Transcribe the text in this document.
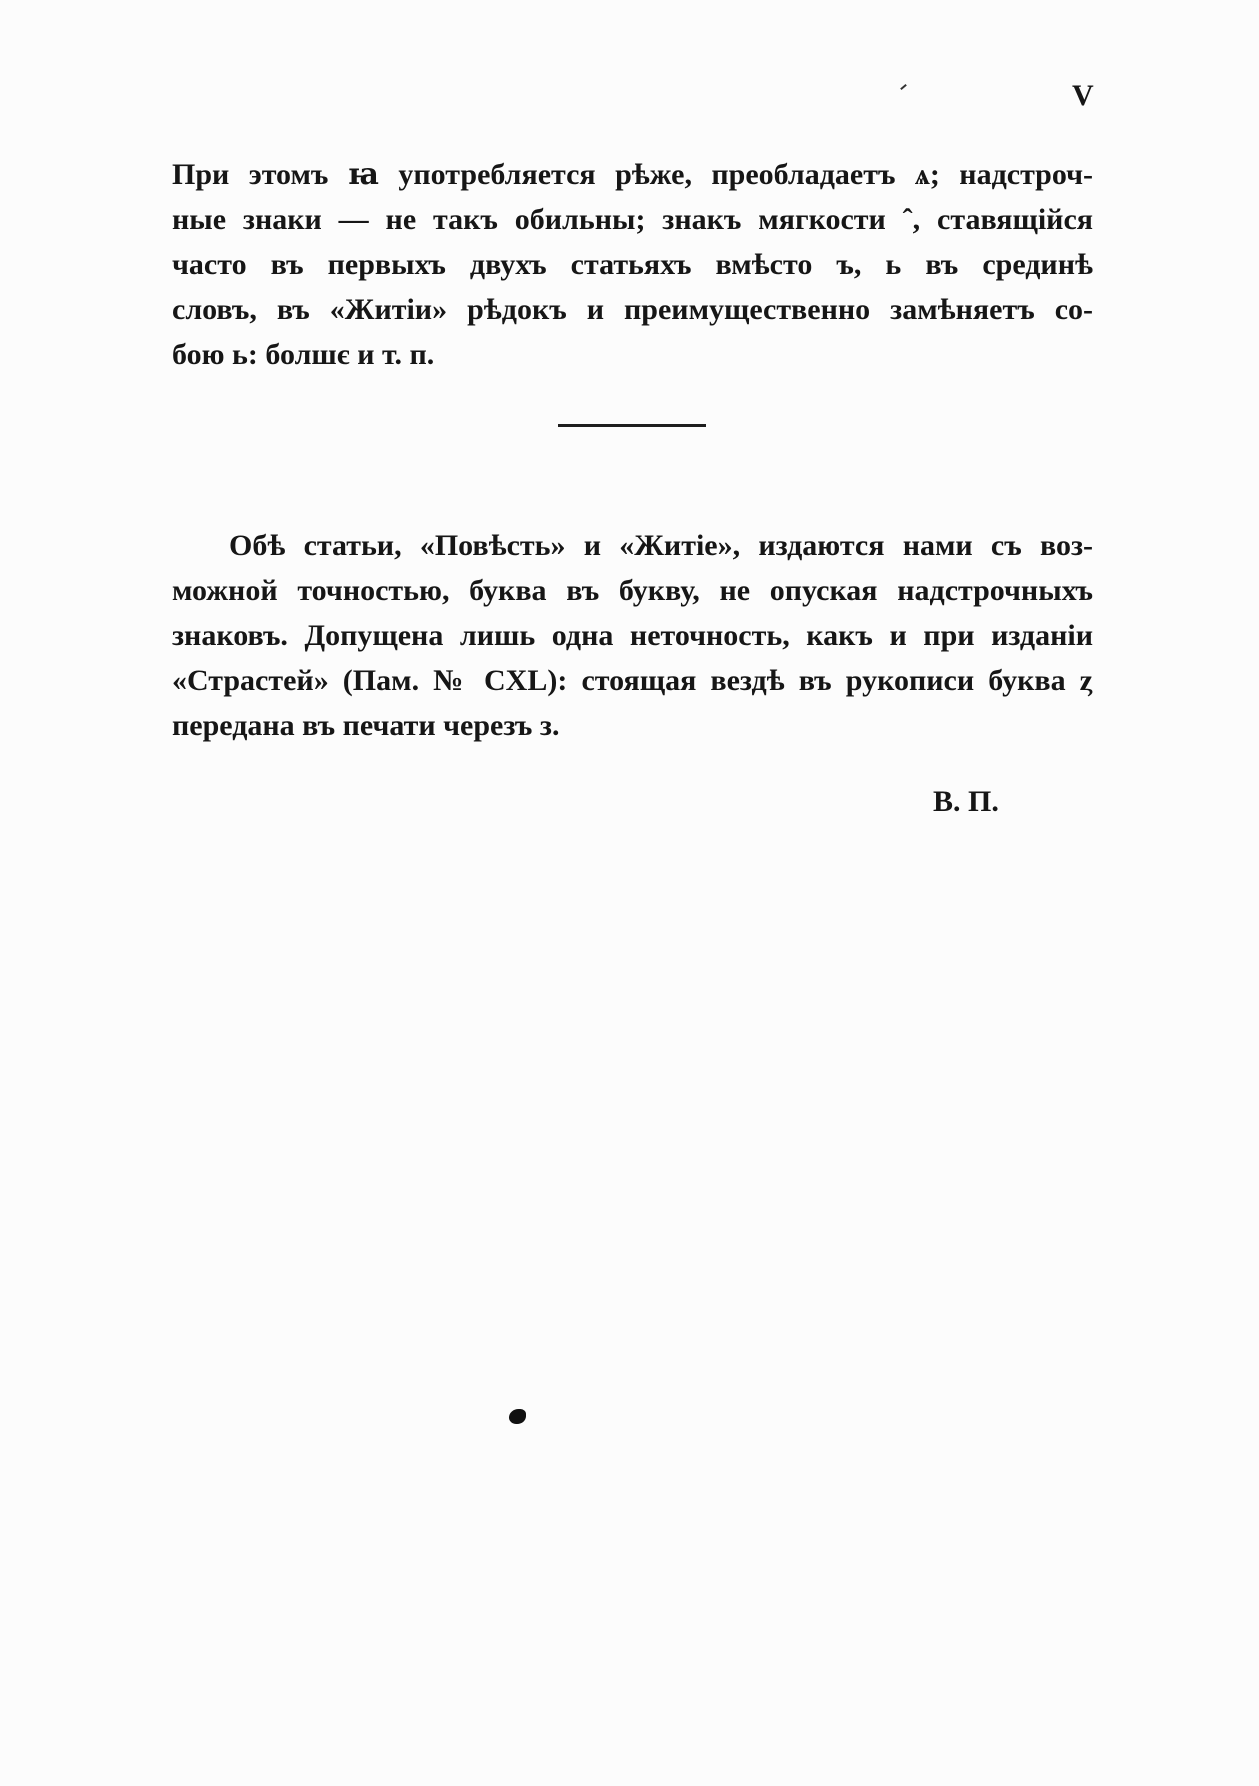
V
При этомъ ꙗ употребляется рѣже, преобладаетъ ѧ; надстроч-
ные знаки — не такъ обильны; знакъ мягкости ˆ, ставящійся
часто въ первыхъ двухъ статьяхъ вмѣсто ъ, ь въ срединѣ
словъ, въ «Житіи» рѣдокъ и преимущественно замѣняетъ со-
бою ь: болшє и т. п.
Обѣ статьи, «Повѣсть» и «Житіе», издаются нами съ воз-
можной точностью, буква въ букву, не опуская надстрочныхъ
знаковъ. Допущена лишь одна неточность, какъ и при изданіи
«Страстей» (Пам. № CXL): стоящая вездѣ въ рукописи буква ȥ
передана въ печати черезъ з.
В. П.
